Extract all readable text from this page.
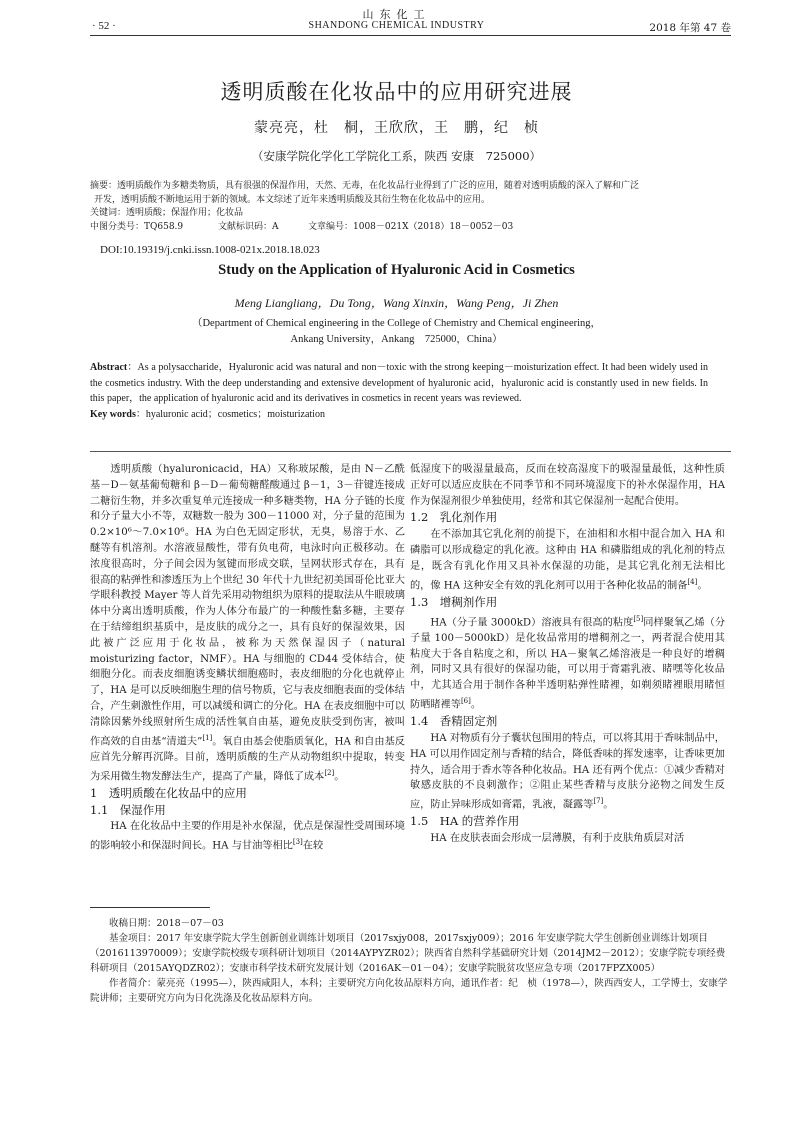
山东化工
SHANDONG CHEMICAL INDUSTRY
· 52 ·	2018 年第 47 卷
透明质酸在化妆品中的应用研究进展
蒙亮亮，杜　桐，王欣欣，王　鹏，纪　桢
（安康学院化学化工学院化工系，陕西 安康　725000）

摘要：透明质酸作为多糖类物质，具有很强的保湿作用，天然、无毒，在化妆品行业得到了广泛的应用，随着对透明质酸的深入了解和广泛

开发，透明质酸不断地运用于新的领域。本文综述了近年来透明质酸及其衍生物在化妆品中的应用。

关键词：透明质酸；保湿作用；化妆品

中图分类号：TQ658.9	文献标识码：A	文章编号：1008－021X（2018）18－0052－03

DOI:10.19319/j.cnki.issn.1008-021x.2018.18.023
Study on the Application of Hyaluronic Acid in Cosmetics
Meng Liangliang，Du Tong，Wang Xinxin，Wang Peng，Ji Zhen
（Department of Chemical engineering in the College of Chemistry and Chemical engineering，
Ankang University，Ankang　725000，China）

Abstract：As a polysaccharide，Hyaluronic acid was natural and non－toxic with the strong keeping－moisturization effect. It had been widely used in the cosmetics industry. With the deep understanding and extensive development of hyaluronic acid，hyaluronic acid is constantly used in new fields. In this paper，the application of hyaluronic acid and its derivatives in cosmetics in recent years was reviewed.

Key words：hyaluronic acid；cosmetics；moisturization

透明质酸（hyaluronicacid，HA）又称玻尿酸，是由 N－乙酰基－D－氨基葡萄糖和 β－D－葡萄糖醛酸通过 β－1，3－苷键连接成二糖衍生物，并多次重复单元连接成一种多糖类物，HA 分子链的长度和分子量大小不等，双糖数一般为 300－11000 对，分子量的范围为 0.2×10⁶～7.0×10⁶。HA 为白色无固定形状，无臭，易溶于水、乙醚等有机溶剂。水溶液显酸性，带有负电荷，电泳时向正极移动。在浓度很高时，分子间会因为氢键而形成交联，呈网状形式存在，具有很高的粘弹性和渗透压为上个世纪 30 年代十九世纪初美国哥伦比亚大学眼科教授 Mayer 等人首先采用动物组织为原料的提取法从牛眼玻璃体中分离出透明质酸，作为人体分布最广的一种酸性黏多糖，主要存在于结缔组织基质中，是皮肤的成分之一，具有良好的保湿效果，因此被广泛应用于化妆品，被称为天然保湿因子（natural moisturizing factor，NMF）。HA 与细胞的 CD44 受体结合，使细胞分化。而表皮细胞诱变鳞状细胞癌时，表皮细胞的分化也就停止了，HA 是可以反映细胞生理的信号物质，它与表皮细胞表面的受体结合，产生刺激性作用，可以减缓和调亡的分化。HA 在表皮细胞中可以清除因紫外线照射所生成的活性氧自由基，避免皮肤受到伤害，被叫作高效的自由基“清道夫”[1]。氧自由基会使脂质氧化，HA 和自由基反应首先分解再沉降。目前，透明质酸的生产从动物组织中提取，转变为采用微生物发酵法生产，提高了产量，降低了成本[2]。

1　透明质酸在化妆品中的应用

1.1　保湿作用

HA 在化妆品中主要的作用是补水保湿，优点是保湿性受周围环境的影响较小和保湿时间长。HA 与甘油等相比[3]在较

低湿度下的吸湿量最高，反而在较高湿度下的吸湿量最低，这种性质正好可以适应皮肤在不同季节和不同环境湿度下的补水保湿作用，HA 作为保湿剂很少单独使用，经常和其它保湿剂一起配合使用。

1.2　乳化剂作用

在不添加其它乳化剂的前提下，在油相和水相中混合加入 HA 和磷脂可以形成稳定的乳化液。这种由 HA 和磷脂组成的乳化剂的特点是，既含有乳化作用又具补水保湿的功能，是其它乳化剂无法相比的，像 HA 这种安全有效的乳化剂可以用于各种化妆品的制备[4]。

1.3　增稠剂作用

HA（分子量 3000kD）溶液具有很高的粘度[5]同样聚氧乙烯（分子量 100－5000kD）是化妆品常用的增稠剂之一，两者混合使用其粘度大于各自粘度之和，所以 HA－聚氧乙烯溶液是一种良好的增稠剂，同时又具有很好的保湿功能，可以用于膏霜乳液、睹嘿等化妆品中，尤其适合用于制作各种半透明粘弹性睹裡，如剃须睹裡眼用睹恒防晒睹裡等[6]。

1.4　香精固定剂

HA 对物质有分子囊状包围用的特点，可以将其用于香味制品中，HA 可以用作固定剂与香精的结合，降低香味的挥发速率，让香味更加持久，适合用于香水等各种化妆品。HA 还有两个优点：①减少香精对敏感皮肤的不良刺激作；②阻止某些香精与皮肤分泌物之间发生反应，防止异味形成如膏霜，乳液，凝露等[7]。

1.5　HA 的营养作用

HA 在皮肤表面会形成一层薄膜，有利于皮肤角质层对活

收稿日期：2018－07－03

基金项目：2017 年安康学院大学生创新创业训练计划项目（2017sxjy008，2017sxjy009）；2016 年安康学院大学生创新创业训练计划项目（2016113970009）；安康学院校级专项科研计划项目（2014AYPYZR02）；陕西省自然科学基础研究计划（2014JM2－2012）；安康学院专项经费科研项目（2015AYQDZR02）；安康市科学技术研究发展计划（2016AK－01－04）；安康学院脱贫攻坚应急专项（2017FPZX005）

作者简介：蒙亮亮（1995—），陕西咸阳人，本科；主要研究方向化妆品原料方向，通讯作者：纪　桢（1978—），陕西西安人，工学博士，安康学院讲师；主要研究方向为日化洗涤及化妆品原料方向。
